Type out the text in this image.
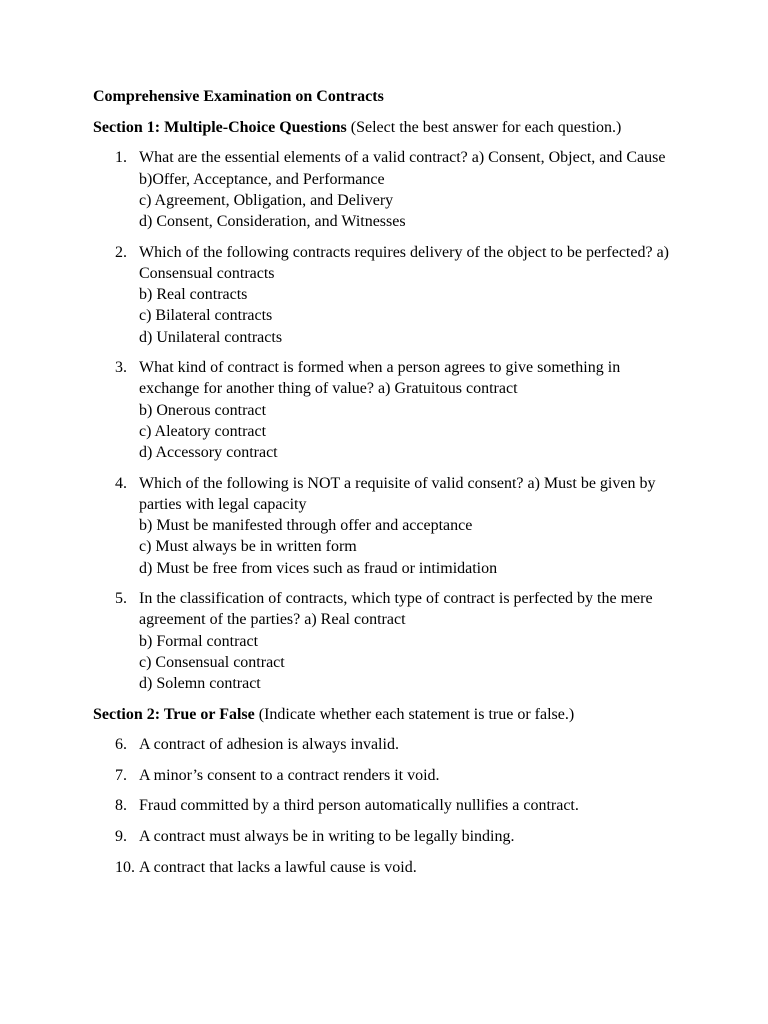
Comprehensive Examination on Contracts
Section 1: Multiple-Choice Questions (Select the best answer for each question.)
1. What are the essential elements of a valid contract? a) Consent, Object, and Cause
b)Offer, Acceptance, and Performance
c) Agreement, Obligation, and Delivery
d) Consent, Consideration, and Witnesses
2. Which of the following contracts requires delivery of the object to be perfected? a) Consensual contracts
b) Real contracts
c) Bilateral contracts
d) Unilateral contracts
3. What kind of contract is formed when a person agrees to give something in exchange for another thing of value? a) Gratuitous contract
b) Onerous contract
c) Aleatory contract
d) Accessory contract
4. Which of the following is NOT a requisite of valid consent? a) Must be given by parties with legal capacity
b) Must be manifested through offer and acceptance
c) Must always be in written form
d) Must be free from vices such as fraud or intimidation
5. In the classification of contracts, which type of contract is perfected by the mere agreement of the parties? a) Real contract
b) Formal contract
c) Consensual contract
d) Solemn contract
Section 2: True or False (Indicate whether each statement is true or false.)
6. A contract of adhesion is always invalid.
7. A minor’s consent to a contract renders it void.
8. Fraud committed by a third person automatically nullifies a contract.
9. A contract must always be in writing to be legally binding.
10. A contract that lacks a lawful cause is void.
